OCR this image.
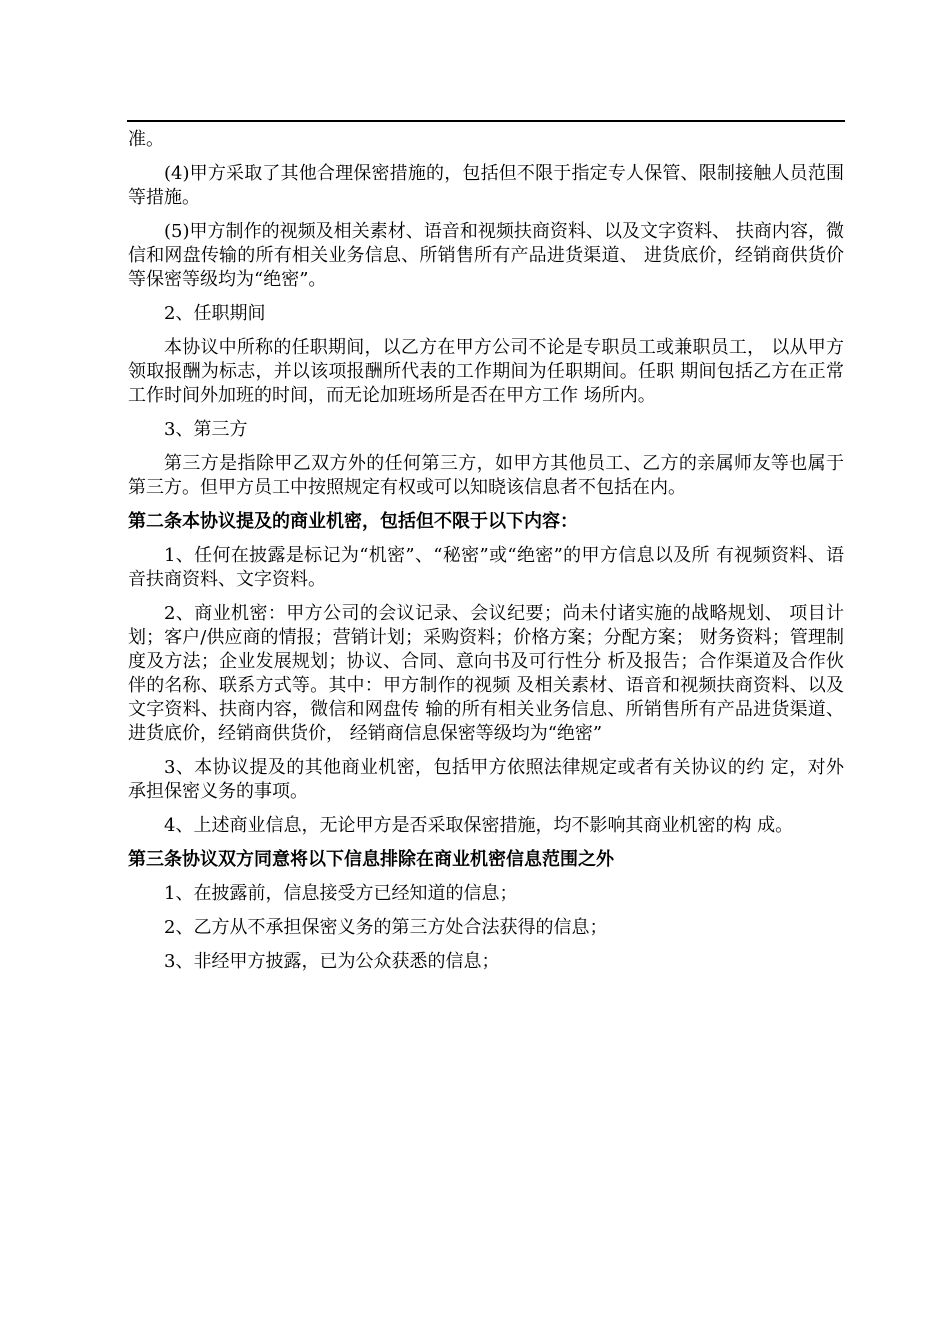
准。

(4)甲方采取了其他合理保密措施的，包括但不限于指定专人保管、限制接触人员范围等措施。

(5)甲方制作的视频及相关素材、语音和视频扶商资料、以及文字资料、 扶商内容，微信和网盘传输的所有相关业务信息、所销售所有产品进货渠道、 进货底价，经销商供货价等保密等级均为“绝密”。

2、任职期间

本协议中所称的任职期间，以乙方在甲方公司不论是专职员工或兼职员工， 以从甲方领取报酬为标志，并以该项报酬所代表的工作期间为任职期间。任职 期间包括乙方在正常工作时间外加班的时间，而无论加班场所是否在甲方工作 场所内。

3、第三方

第三方是指除甲乙双方外的任何第三方，如甲方其他员工、乙方的亲属师友等也属于第三方。但甲方员工中按照规定有权或可以知晓该信息者不包括在内。

第二条本协议提及的商业机密，包括但不限于以下内容：

1、任何在披露是标记为“机密”、“秘密”或“绝密”的甲方信息以及所 有视频资料、语音扶商资料、文字资料。

2、商业机密：甲方公司的会议记录、会议纪要；尚未付诸实施的战略规划、 项目计划；客户/供应商的情报；营销计划；采购资料；价格方案；分配方案； 财务资料；管理制度及方法；企业发展规划；协议、合同、意向书及可行性分 析及报告；合作渠道及合作伙伴的名称、联系方式等。其中：甲方制作的视频 及相关素材、语音和视频扶商资料、以及文字资料、扶商内容，微信和网盘传 输的所有相关业务信息、所销售所有产品进货渠道、进货底价，经销商供货价， 经销商信息保密等级均为“绝密”

3、本协议提及的其他商业机密，包括甲方依照法律规定或者有关协议的约 定，对外承担保密义务的事项。

4、上述商业信息，无论甲方是否采取保密措施，均不影响其商业机密的构 成。

第三条协议双方同意将以下信息排除在商业机密信息范围之外

1、在披露前，信息接受方已经知道的信息；

2、乙方从不承担保密义务的第三方处合法获得的信息；

3、非经甲方披露，已为公众获悉的信息；
